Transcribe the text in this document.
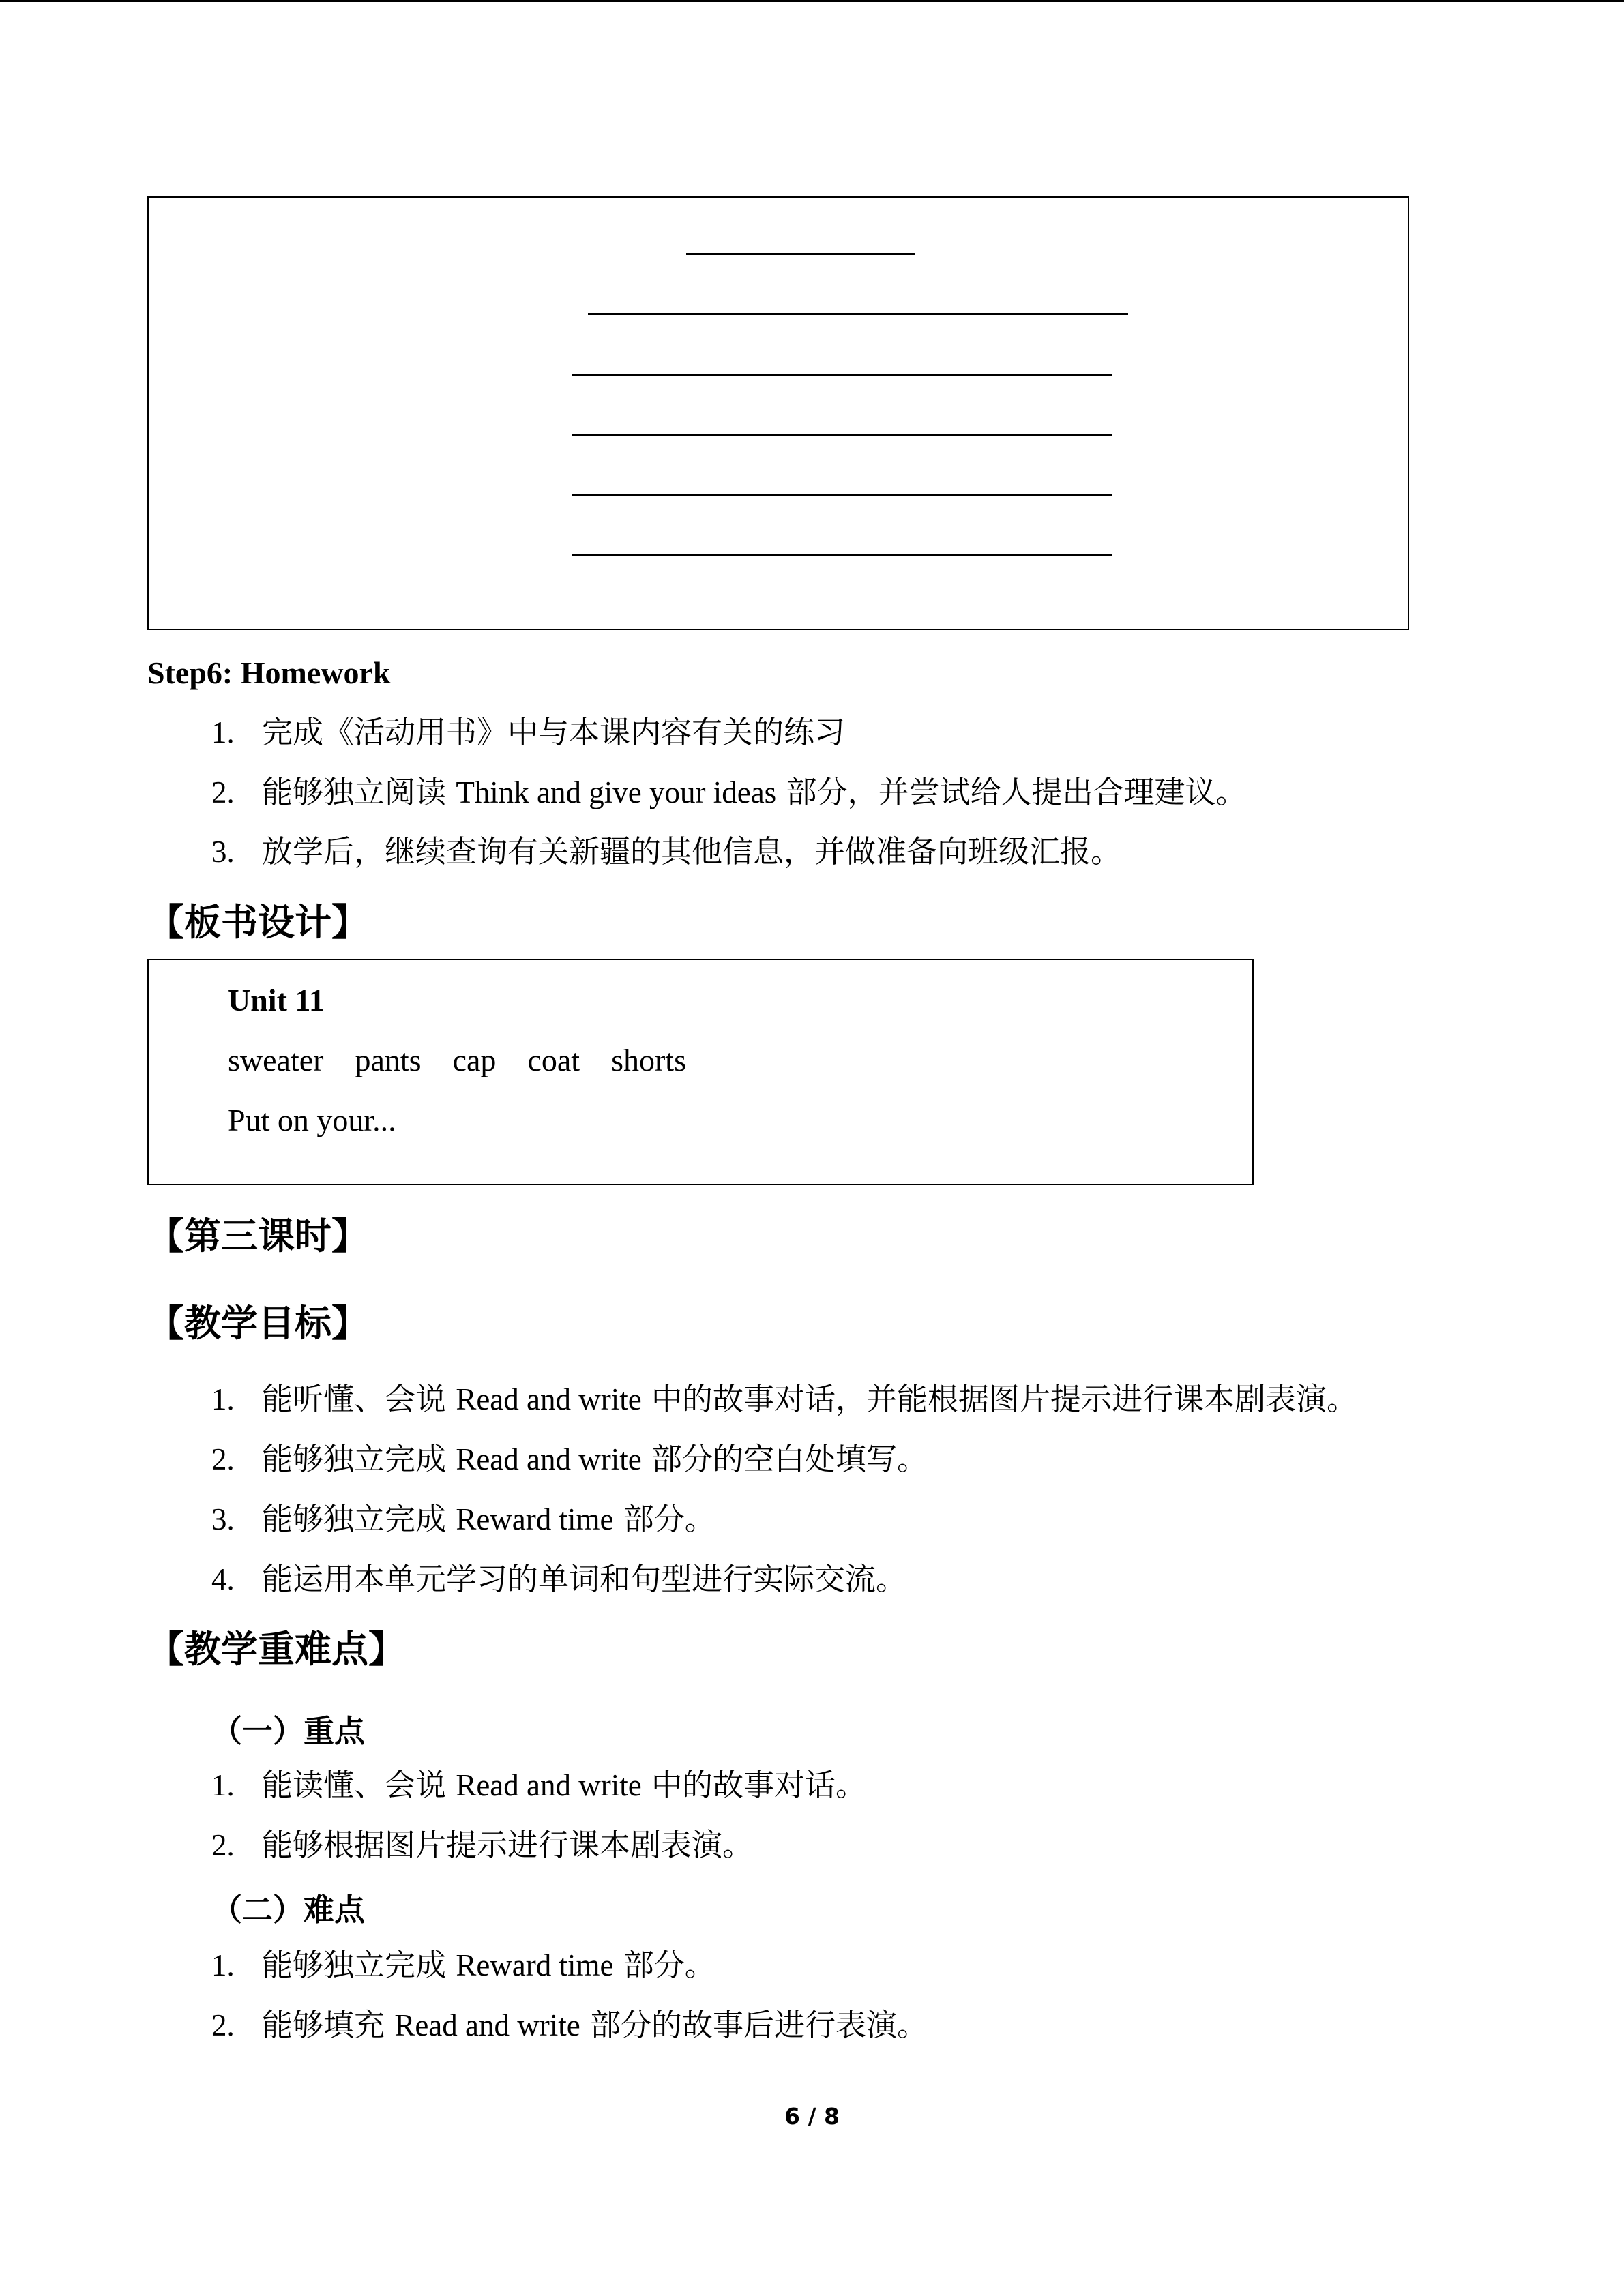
Step6: Homework
1. 完成《活动用书》中与本课内容有关的练习
2. 能够独立阅读 Think and give your ideas 部分，并尝试给人提出合理建议。
3. 放学后，继续查询有关新疆的其他信息，并做准备向班级汇报。
【板书设计】
Unit 11
sweater pants cap coat shorts
Put on your...
【第三课时】
【教学目标】
1. 能听懂、会说 Read and write 中的故事对话，并能根据图片提示进行课本剧表演。
2. 能够独立完成 Read and write 部分的空白处填写。
3. 能够独立完成 Reward time 部分。
4. 能运用本单元学习的单词和句型进行实际交流。
【教学重难点】
（一）重点
1. 能读懂、会说 Read and write 中的故事对话。
2. 能够根据图片提示进行课本剧表演。
（二）难点
1. 能够独立完成 Reward time 部分。
2. 能够填充 Read and write 部分的故事后进行表演。
6 / 8
